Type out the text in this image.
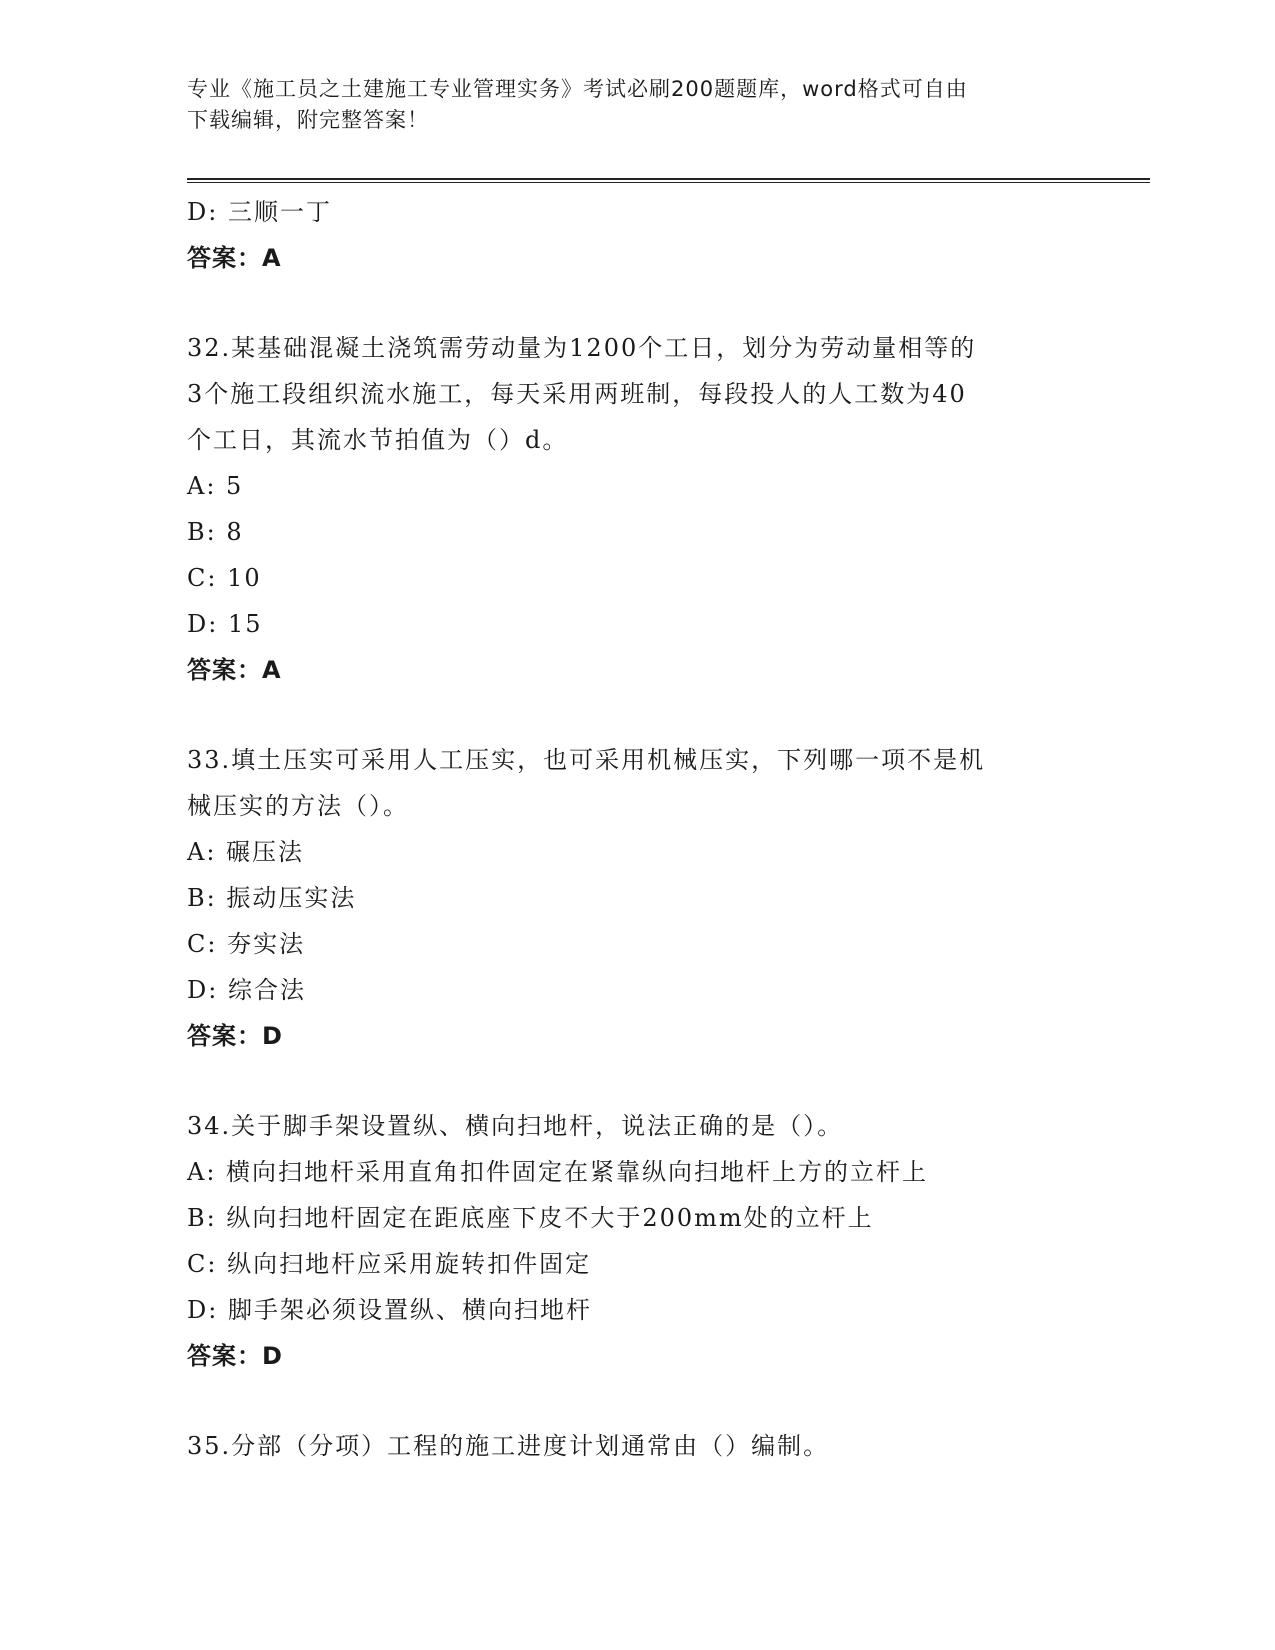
专业《施工员之土建施工专业管理实务》考试必刷200题题库，word格式可自由
下载编辑，附完整答案！
D: 三顺一丁
答案：A
32.某基础混凝土浇筑需劳动量为1200个工日，划分为劳动量相等的
3个施工段组织流水施工，每天采用两班制，每段投人的人工数为40
个工日，其流水节拍值为（）d。
A: 5
B: 8
C: 10
D: 15
答案：A
33.填土压实可采用人工压实，也可采用机械压实，下列哪一项不是机
械压实的方法（）。
A: 碾压法
B: 振动压实法
C: 夯实法
D: 综合法
答案：D
34.关于脚手架设置纵、横向扫地杆，说法正确的是（）。
A: 横向扫地杆采用直角扣件固定在紧靠纵向扫地杆上方的立杆上
B: 纵向扫地杆固定在距底座下皮不大于200mm处的立杆上
C: 纵向扫地杆应采用旋转扣件固定
D: 脚手架必须设置纵、横向扫地杆
答案：D
35.分部（分项）工程的施工进度计划通常由（）编制。
